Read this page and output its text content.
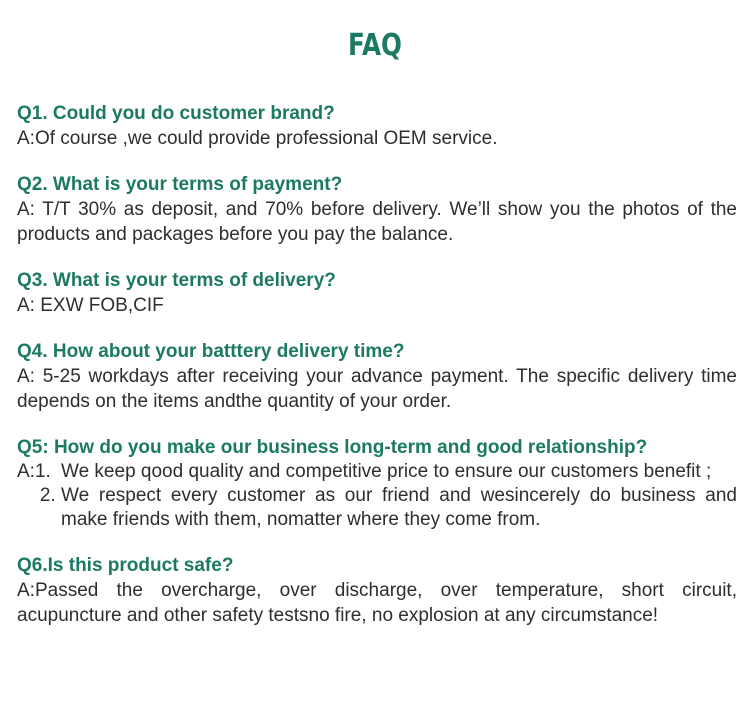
FAQ
Q1. Could you do customer brand?
A:Of course ,we could provide professional OEM service.
Q2. What is your terms of payment?
A: T/T 30% as deposit, and 70% before delivery. We’ll show you the photos of the products and packages before you pay the balance.
Q3. What is your terms of delivery?
A: EXW FOB,CIF
Q4. How about your batttery delivery time?
A: 5-25 workdays after receiving your advance payment. The specific delivery time depends on the items andthe quantity of your order.
Q5: How do you make our business long-term and good relationship?
A:1. We keep qood quality and competitive price to ensure our customers benefit ;
2. We respect every customer as our friend and wesincerely do business and make friends with them, nomatter where they come from.
Q6.Is this product safe?
A:Passed the overcharge, over discharge, over temperature, short circuit, acupuncture and other safety testsno fire, no explosion at any circumstance!
